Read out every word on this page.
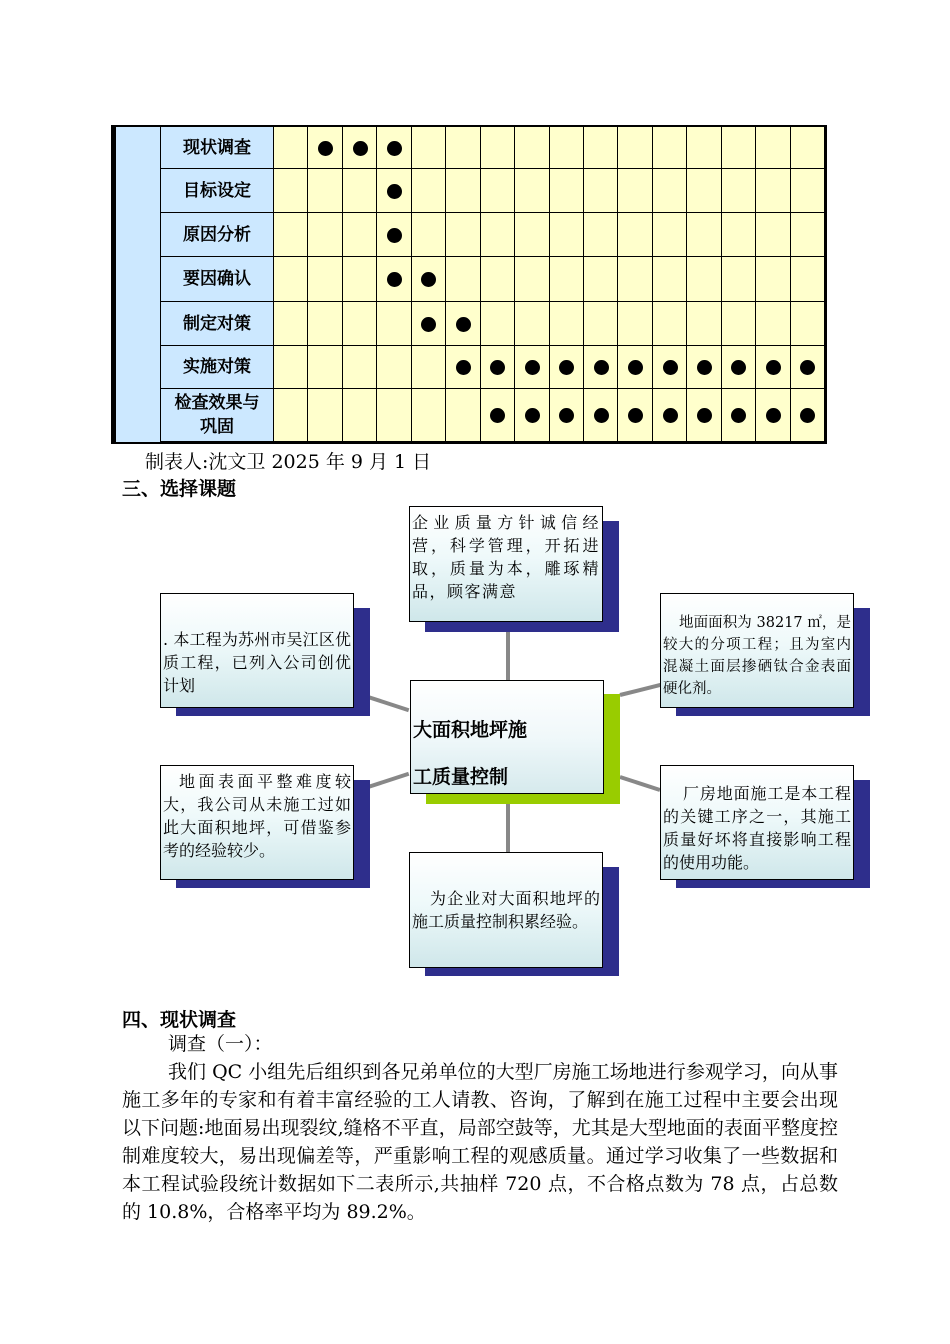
现状调查
目标设定
原因分析
要因确认
制定对策
实施对策
检查效果与巩固
制表人:沈文卫 2025 年 9 月 1 日
三、选择课题
大面积地坪施
工质量控制
企业质量方针诚信经营，科学管理，开拓进取，质量为本，雕琢精品，顾客满意
. 本工程为苏州市吴江区优质工程，已列入公司创优计划
地面面积为 38217 ㎡，是较大的分项工程；且为室内混凝土面层掺硒钛合金表面硬化剂。
地面表面平整难度较大，我公司从未施工过如此大面积地坪，可借鉴参考的经验较少。
厂房地面施工是本工程的关键工序之一，其施工质量好坏将直接影响工程的使用功能。
为企业对大面积地坪的施工质量控制积累经验。
四、现状调查
调查（一）：
我们 QC 小组先后组织到各兄弟单位的大型厂房施工场地进行参观学习，向从事施工多年的专家和有着丰富经验的工人请教、咨询，了解到在施工过程中主要会出现以下问题:地面易出现裂纹,缝格不平直，局部空鼓等，尤其是大型地面的表面平整度控制难度较大，易出现偏差等，严重影响工程的观感质量。通过学习收集了一些数据和本工程试验段统计数据如下二表所示,共抽样 720 点，不合格点数为 78 点，占总数的 10.8%，合格率平均为 89.2%。
